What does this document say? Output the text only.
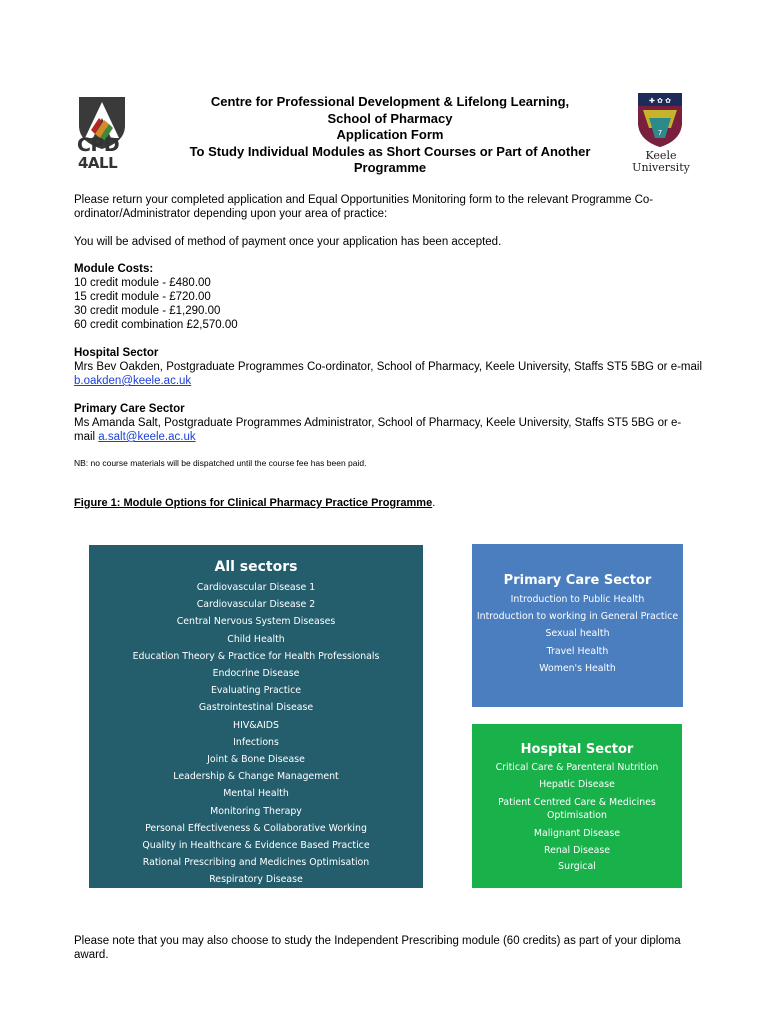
CPD
4ALL
✚ ✿ ✿
7
Keele
University
Centre for Professional Development & Lifelong Learning,
School of Pharmacy
Application Form
To Study Individual Modules as Short Courses or Part of Another Programme
Please return your completed application and Equal Opportunities Monitoring form to the relevant Programme Co-ordinator/Administrator depending upon your area of practice:
You will be advised of method of payment once your application has been accepted.
Module Costs:
10 credit module - £480.00
15 credit module - £720.00
30 credit module - £1,290.00
60 credit combination £2,570.00
Hospital Sector
Mrs Bev Oakden, Postgraduate Programmes Co-ordinator, School of Pharmacy, Keele University, Staffs ST5 5BG or e-mail b.oakden@keele.ac.uk
Primary Care Sector
Ms Amanda Salt, Postgraduate Programmes Administrator, School of Pharmacy, Keele University, Staffs ST5 5BG or e-mail a.salt@keele.ac.uk
NB: no course materials will be dispatched until the course fee has been paid.
Figure 1: Module Options for Clinical Pharmacy Practice Programme.
All sectors
Cardiovascular Disease 1
Cardiovascular Disease 2
Central Nervous System Diseases
Child Health
Education Theory & Practice for Health Professionals
Endocrine Disease
Evaluating Practice
Gastrointestinal Disease
HIV&AIDS
Infections
Joint & Bone Disease
Leadership & Change Management
Mental Health
Monitoring Therapy
Personal Effectiveness & Collaborative Working
Quality in Healthcare & Evidence Based Practice
Rational Prescribing and Medicines Optimisation
Respiratory Disease
Primary Care Sector
Introduction to Public Health
Introduction to working in General Practice
Sexual health
Travel Health
Women's Health
Hospital Sector
Critical Care & Parenteral Nutrition
Hepatic Disease
Patient Centred Care & Medicines Optimisation
Malignant Disease
Renal Disease
Surgical
Please note that you may also choose to study the Independent Prescribing module (60 credits) as part of your diploma award.
